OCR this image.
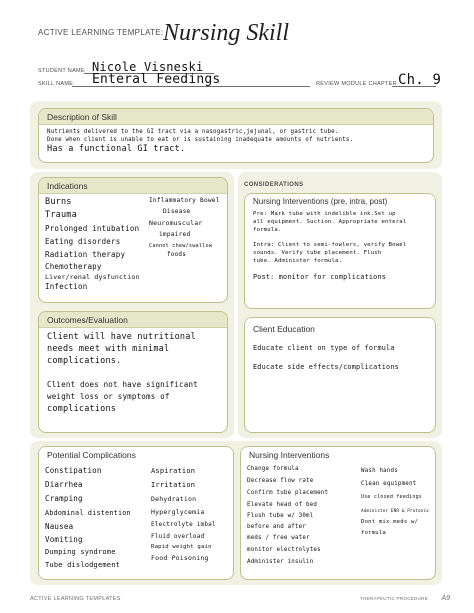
ACTIVE LEARNING TEMPLATE: Nursing Skill
STUDENT NAME Nicole Visneski
SKILL NAME Enteral Feedings	REVIEW MODULE CHAPTER Ch. 9
Description of Skill
Nutrients delivered to the GI tract via a nasogastric,jejunal, or gastric tube.
Done when client is unable to eat or is sustaining inadequate amounts of nutrients.
Has a functional GI tract.
Indications
Burns
Trauma
Prolonged intubation
Eating disorders
Radiation therapy
Chemotherapy
Liver/renal dysfunction
Infection
Inflammatory Bowel
Disease
Neuromuscular
impaired
Cannot chew/swallow
foods
Outcomes/Evaluation
Client will have nutritional
needs meet with minimal
complications.

Client does not have significant
weight loss or symptoms of
complications
CONSIDERATIONS
Nursing Interventions (pre, intra, post)
Pre: Mark tube with indelible ink.Set up
all equipment. Suction. Appropriate enteral
formula.

Intra: Client to semi-fowlers, verify Bowel
sounds. Verify tube placement. Flush
tube. Administer formula.

Post: monitor for complications
Client Education
Educate client on type of formula

Educate side effects/complications
Potential Complications
Constipation
Diarrhea
Cramping
Abdominal distention
Nausea
Vomiting
Dumping syndrome
Tube dislodgement
Aspiration
Irritation
Dehydration
Hyperglycemia
Electrolyte imbal
Fluid overload
Rapid weight gain
Food Poisoning
Nursing Interventions
Change formula
Decrease flow rate
Confirm tube placement
Elevate head of bed
Flush tube w/ 30ml
before and after
meds / free water
monitor electrolytes
Administer insulin
Wash hands
Clean equipment
Use closed feedings
Administer ENR & Protonix
Dont mix meds w/
formula
ACTIVE LEARNING TEMPLATES	THERAPEUTIC PROCEDURE A9
